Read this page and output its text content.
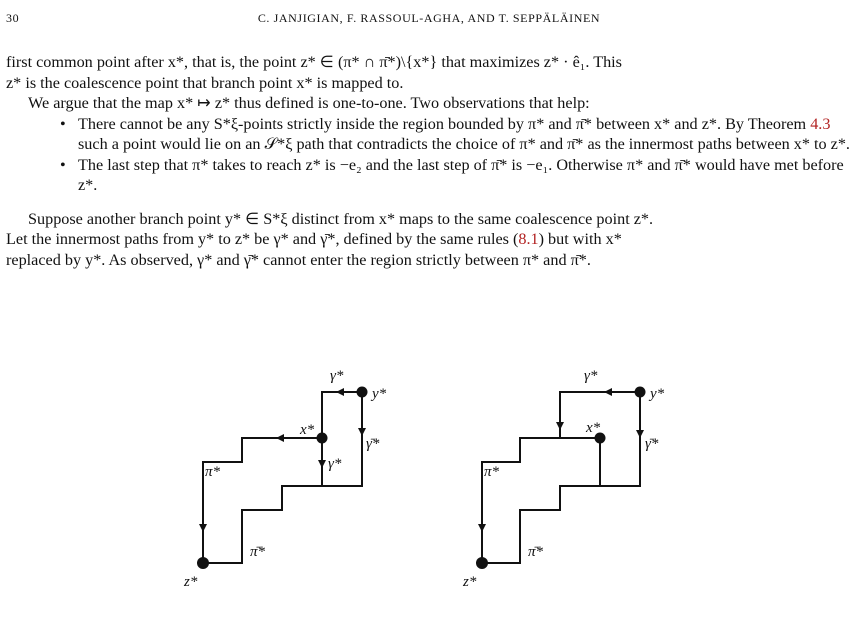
30	C. JANJIGIAN, F. RASSOUL-AGHA, AND T. SEPPÄLÄINEN

first common point after x*, that is, the point z* ∈ (π* ∩ π̄*)\{x*} that maximizes z* · ê₁. This
z* is the coalescence point that branch point x* is mapped to.

We argue that the map x* ↦ z* thus defined is one-to-one. Two observations that help:

• There cannot be any S*ξ-points strictly inside the region bounded by π* and π̄* between x* and z*. By Theorem 4.3 such a point would lie on an 𝒮*ξ path that contradicts the choice of π* and π̄* as the innermost paths between x* to z*.
• The last step that π* takes to reach z* is −e₂ and the last step of π̄* is −e₁. Otherwise π* and π̄* would have met before z*.

Suppose another branch point y* ∈ S*ξ distinct from x* maps to the same coalescence point z*.
Let the innermost paths from y* to z* be γ* and γ̄*, defined by the same rules (8.1) but with x*
replaced by y*. As observed, γ* and γ̄* cannot enter the region strictly between π* and π̄*.

γ*
y*
x*
γ̄*
γ*
π*
π̄*
z*
γ*
y*
x*
γ̄*
π*
π̄*
z*
